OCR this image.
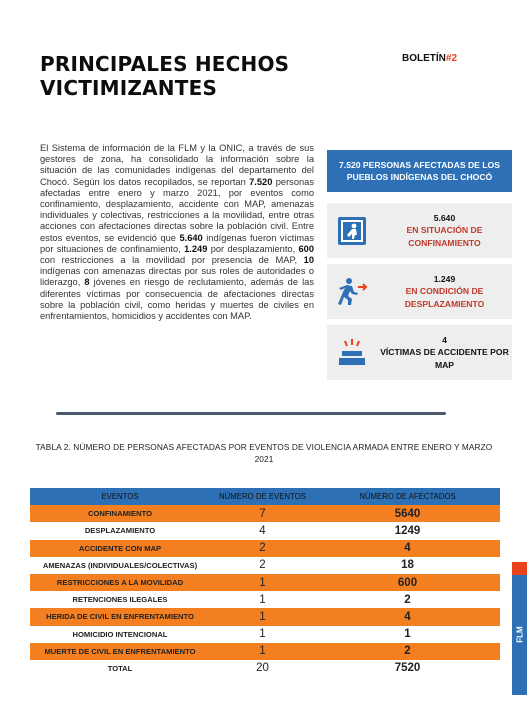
PRINCIPALES HECHOS
VICTIMIZANTES
BOLETÍN#2

El Sistema de información de la FLM y la ONIC, a través de sus gestores de zona, ha consolidado la información sobre la situación de las comunidades indígenas del departamento del Chocó. Según los datos recopilados, se reportan 7.520 personas afectadas entre enero y marzo 2021, por eventos como confinamiento, desplazamiento, accidente con MAP, amenazas individuales y colectivas, restricciones a la movilidad, entre otras acciones con afectaciones directas sobre la población civil. Entre estos eventos, se evidenció que 5.640 indígenas fueron víctimas por situaciones de confinamiento, 1.249 por desplazamiento, 600 con restricciones a la movilidad por presencia de MAP, 10 indígenas con amenazas directas por sus roles de autoridades o liderazgo, 8 jóvenes en riesgo de reclutamiento, además de las diferentes víctimas por consecuencia de afectaciones directas sobre la población civil, como heridas y muertes de civiles en enfrentamientos, homicidios y accidentes con MAP.

7.520 PERSONAS AFECTADAS DE LOS PUEBLOS INDÍGENAS DEL CHOCÓ
5.640
EN SITUACIÓN DE CONFINAMIENTO
1.249
EN CONDICIÓN DE DESPLAZAMIENTO
4
VÍCTIMAS DE ACCIDENTE POR MAP
TABLA 2. NÚMERO DE PERSONAS AFECTADAS POR EVENTOS DE VIOLENCIA ARMADA ENTRE ENERO Y MARZO 2021
EVENTOS	NÚMERO DE EVENTOS	NÚMERO DE AFECTADOS
CONFINAMIENTO	7	5640
DESPLAZAMIENTO	4	1249
ACCIDENTE CON MAP	2	4
AMENAZAS (INDIVIDUALES/COLECTIVAS)	2	18
RESTRICCIONES A LA MOVILIDAD	1	600
RETENCIONES ILEGALES	1	2
HERIDA DE CIVIL EN ENFRENTAMIENTO	1	4
HOMICIDIO INTENCIONAL	1	1
MUERTE DE CIVIL EN ENFRENTAMIENTO	1	2
TOTAL	20	7520
FLM
